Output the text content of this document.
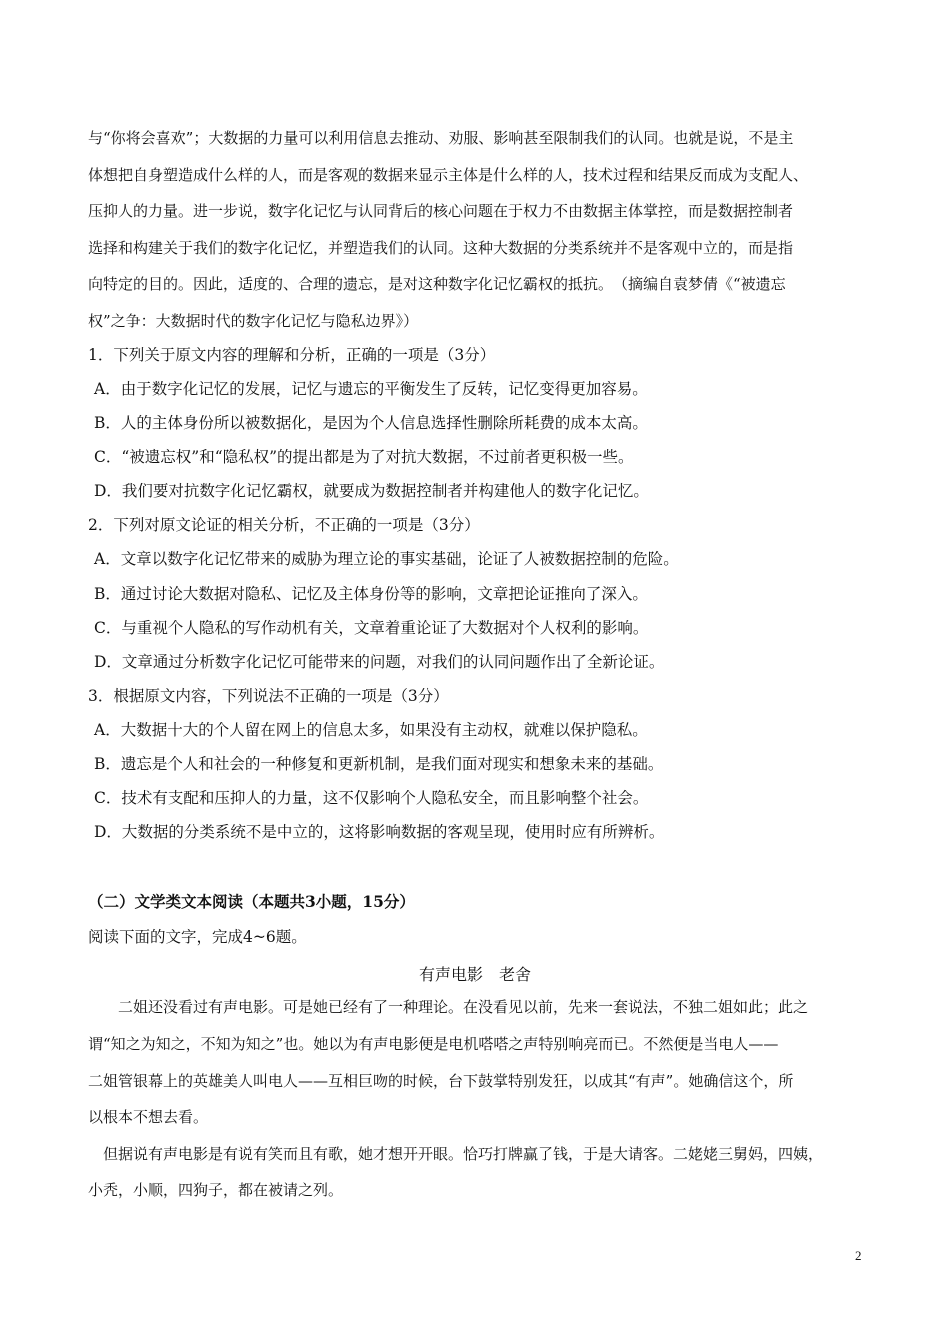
与“你将会喜欢”；大数据的力量可以利用信息去推动、劝服、影响甚至限制我们的认同。也就是说，不是主
体想把自身塑造成什么样的人，而是客观的数据来显示主体是什么样的人，技术过程和结果反而成为支配人、
压抑人的力量。进一步说，数字化记忆与认同背后的核心问题在于权力不由数据主体掌控，而是数据控制者
选择和构建关于我们的数字化记忆，并塑造我们的认同。这种大数据的分类系统并不是客观中立的，而是指
向特定的目的。因此，适度的、合理的遗忘，是对这种数字化记忆霸权的抵抗。　（摘编自袁梦倩《“被遗忘
权”之争：大数据时代的数字化记忆与隐私边界》）
1．下列关于原文内容的理解和分析，正确的一项是（3分）
A．由于数字化记忆的发展，记忆与遗忘的平衡发生了反转，记忆变得更加容易。
B．人的主体身份所以被数据化，是因为个人信息选择性删除所耗费的成本太高。
C．“被遗忘权”和“隐私权”的提出都是为了对抗大数据，不过前者更积极一些。
D．我们要对抗数字化记忆霸权，就要成为数据控制者并构建他人的数字化记忆。
2．下列对原文论证的相关分析，不正确的一项是（3分）
A．文章以数字化记忆带来的威胁为理立论的事实基础，论证了人被数据控制的危险。
B．通过讨论大数据对隐私、记忆及主体身份等的影响，文章把论证推向了深入。
C．与重视个人隐私的写作动机有关，文章着重论证了大数据对个人权利的影响。
D．文章通过分析数字化记忆可能带来的问题，对我们的认同问题作出了全新论证。
3．根据原文内容，下列说法不正确的一项是（3分）
A．大数据十大的个人留在网上的信息太多，如果没有主动权，就难以保护隐私。
B．遗忘是个人和社会的一种修复和更新机制，是我们面对现实和想象未来的基础。
C．技术有支配和压抑人的力量，这不仅影响个人隐私安全，而且影响整个社会。
D．大数据的分类系统不是中立的，这将影响数据的客观呈现，使用时应有所辨析。
（二）文学类文本阅读（本题共3小题，15分）
阅读下面的文字，完成4~6题。
有声电影　老舍
　　二姐还没看过有声电影。可是她已经有了一种理论。在没看见以前，先来一套说法，不独二姐如此；此之
谓“知之为知之，不知为知之”也。她以为有声电影便是电机嗒嗒之声特别响亮而已。不然便是当电人——
二姐管银幕上的英雄美人叫电人——互相巨吻的时候，台下鼓掌特别发狂，以成其“有声”。她确信这个，所
以根本不想去看。
　但据说有声电影是有说有笑而且有歌，她才想开开眼。恰巧打牌赢了钱，于是大请客。二姥姥三舅妈，四姨，
小秃，小顺，四狗子，都在被请之列。
2
